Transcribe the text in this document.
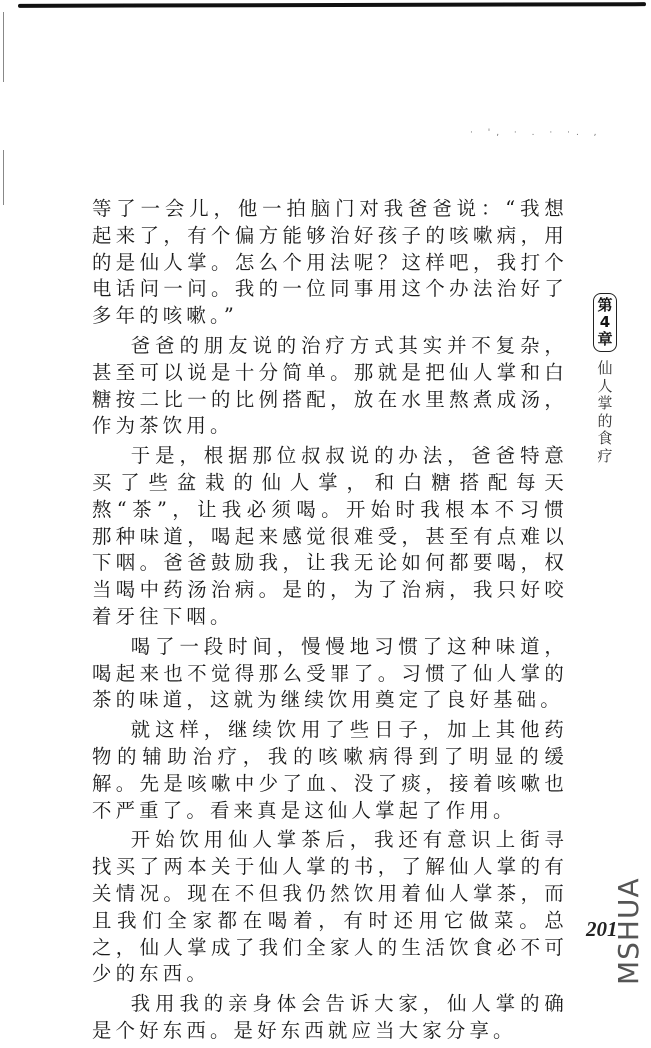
· ', · . · ·. ,

等了一会儿，他一拍脑门对我爸爸说：“我想起来了，有个偏方能够治好孩子的咳嗽病，用的是仙人掌。怎么个用法呢？这样吧，我打个电话问一问。我的一位同事用这个办法治好了多年的咳嗽。”

爸爸的朋友说的治疗方式其实并不复杂，甚至可以说是十分简单。那就是把仙人掌和白糖按二比一的比例搭配，放在水里熬煮成汤，作为茶饮用。

于是，根据那位叔叔说的办法，爸爸特意买了些盆栽的仙人掌，和白糖搭配每天熬“茶”，让我必须喝。开始时我根本不习惯那种味道，喝起来感觉很难受，甚至有点难以下咽。爸爸鼓励我，让我无论如何都要喝，权当喝中药汤治病。是的，为了治病，我只好咬着牙往下咽。

喝了一段时间，慢慢地习惯了这种味道，喝起来也不觉得那么受罪了。习惯了仙人掌的茶的味道，这就为继续饮用奠定了良好基础。

就这样，继续饮用了些日子，加上其他药物的辅助治疗，我的咳嗽病得到了明显的缓解。先是咳嗽中少了血、没了痰，接着咳嗽也不严重了。看来真是这仙人掌起了作用。

开始饮用仙人掌茶后，我还有意识上街寻找买了两本关于仙人掌的书，了解仙人掌的有关情况。现在不但我仍然饮用着仙人掌茶，而且我们全家都在喝着，有时还用它做菜。总之，仙人掌成了我们全家人的生活饮食必不可少的东西。

我用我的亲身体会告诉大家，仙人掌的确是个好东西。是好东西就应当大家分享。

第
4
章
仙
人
掌
的
食
疗
201
MSHUA
